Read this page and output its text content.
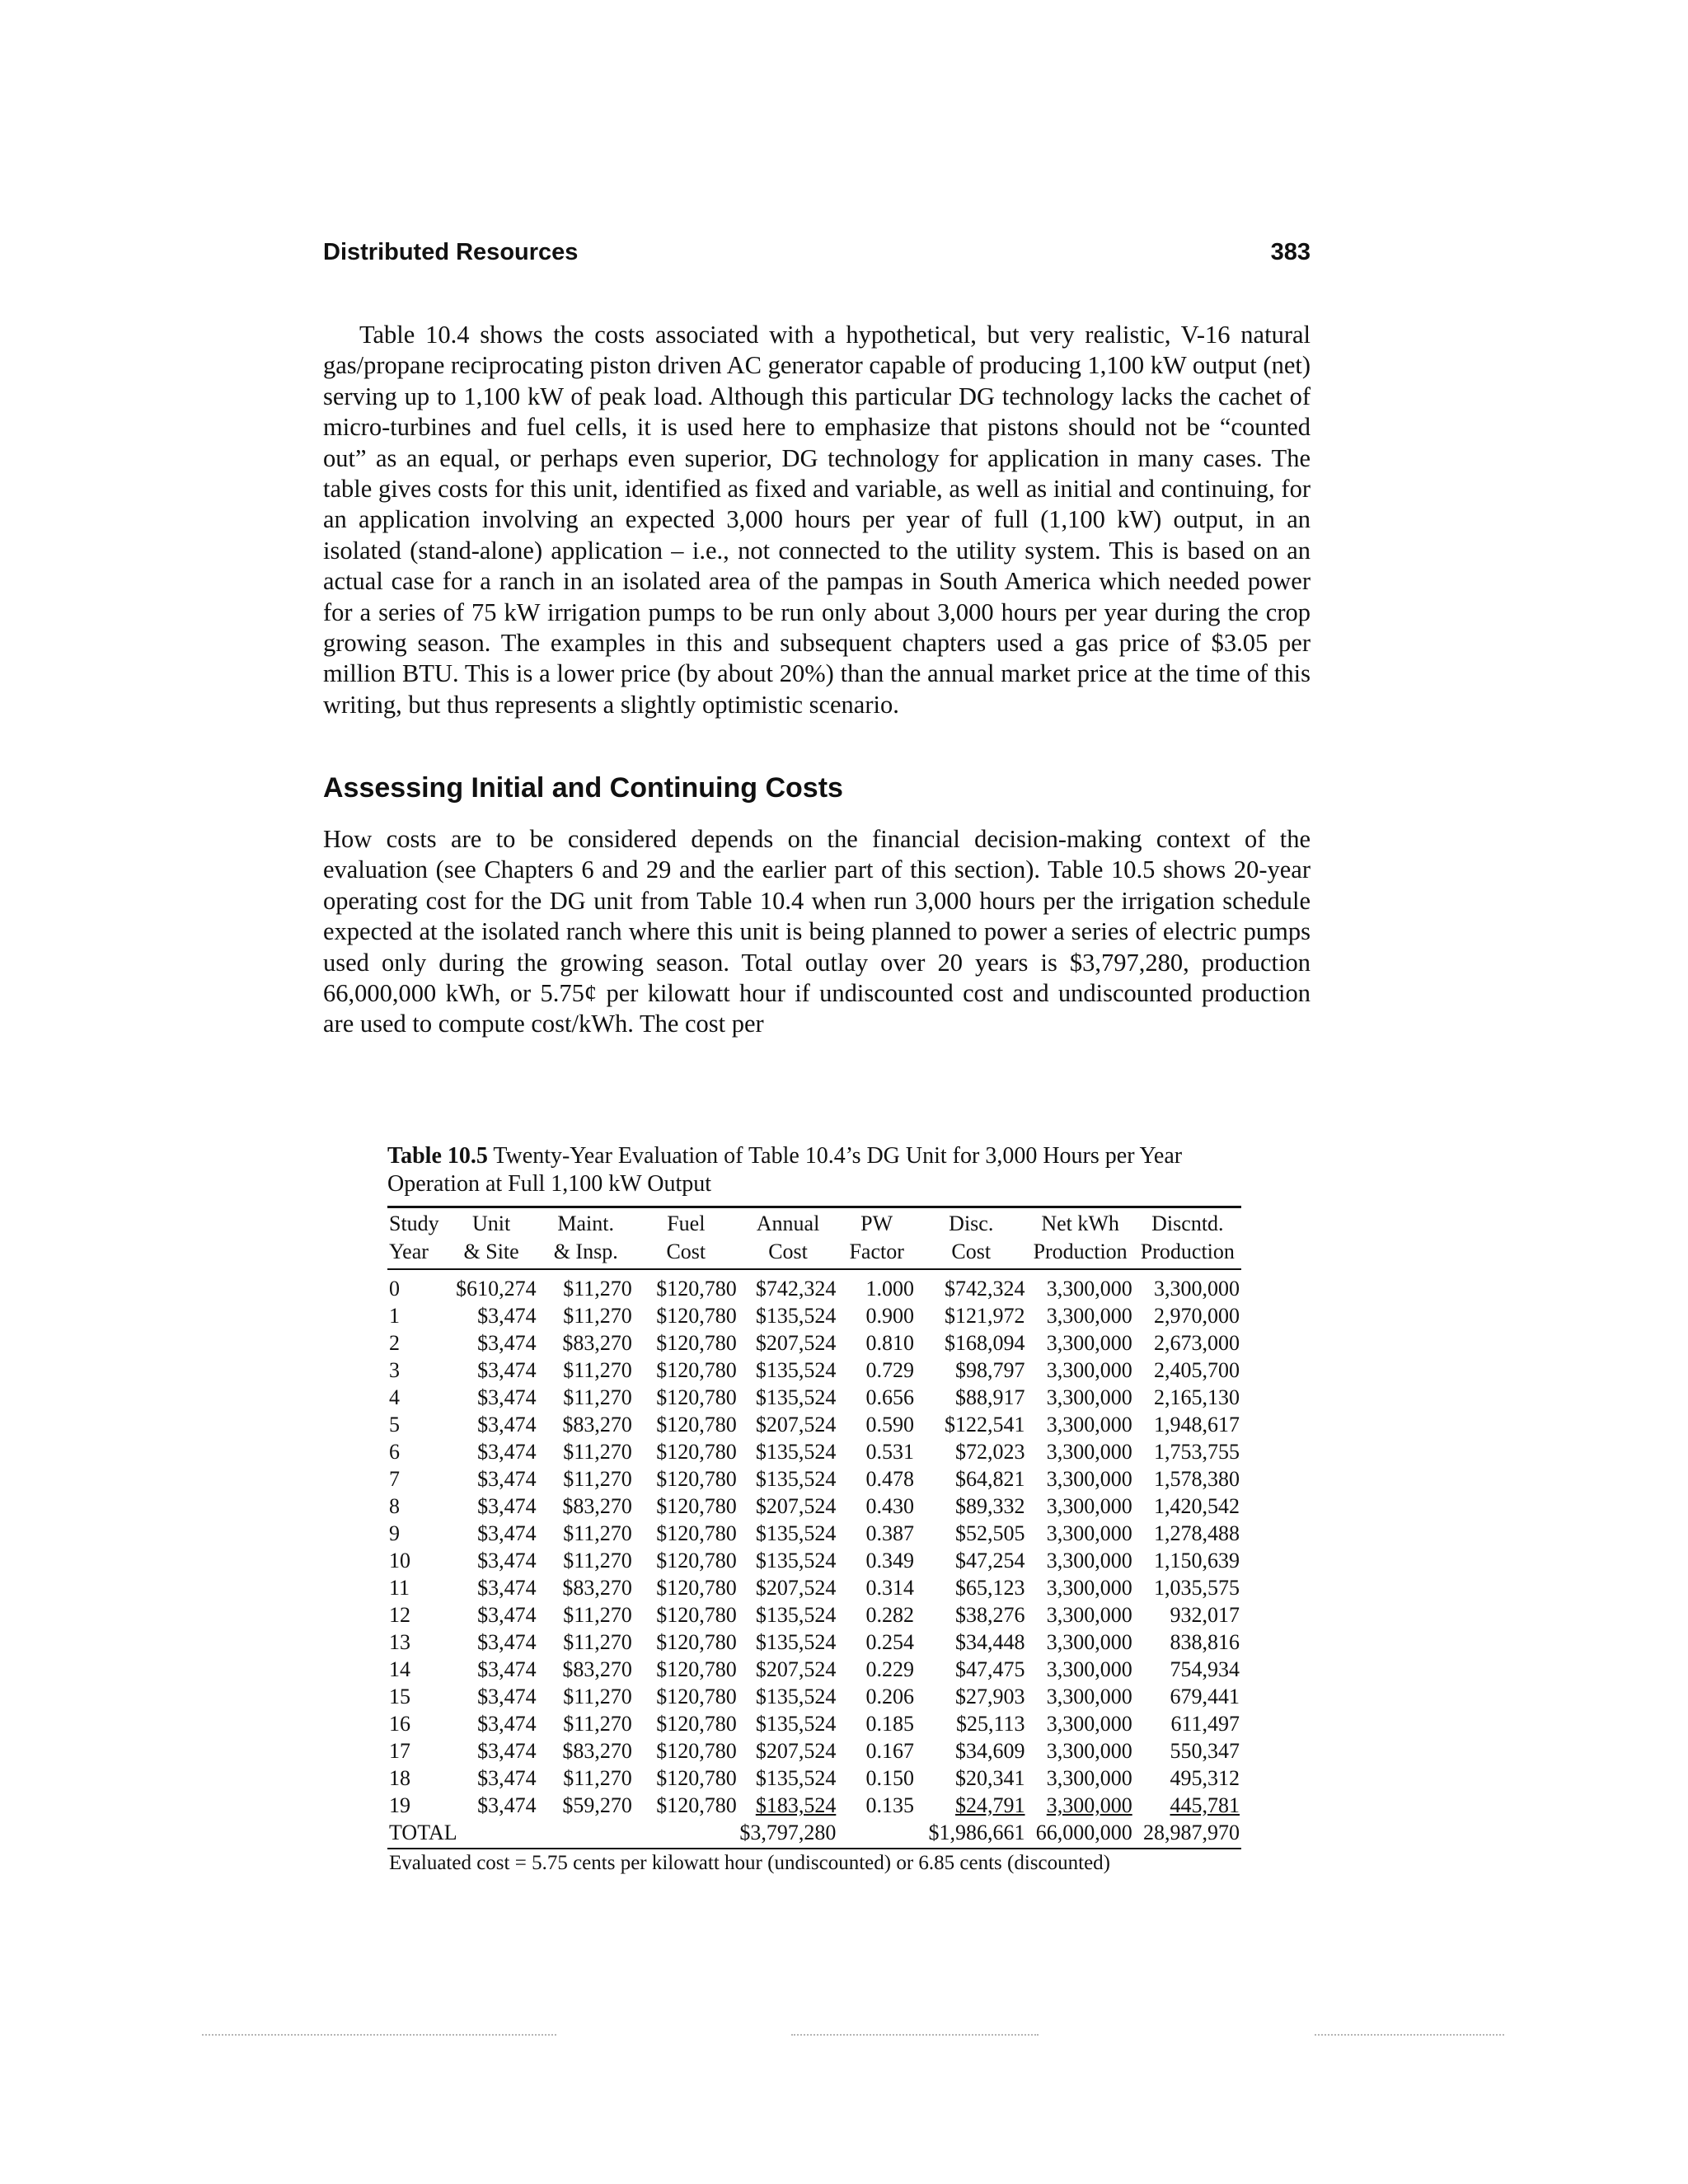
Distributed Resources	383

Table 10.4 shows the costs associated with a hypothetical, but very realistic, V-16 natural gas/propane reciprocating piston driven AC generator capable of producing 1,100 kW output (net) serving up to 1,100 kW of peak load. Although this particular DG technology lacks the cachet of micro-turbines and fuel cells, it is used here to emphasize that pistons should not be “counted out” as an equal, or perhaps even superior, DG technology for application in many cases. The table gives costs for this unit, identified as fixed and variable, as well as initial and continuing, for an application involving an expected 3,000 hours per year of full (1,100 kW) output, in an isolated (stand-alone) application – i.e., not connected to the utility system. This is based on an actual case for a ranch in an isolated area of the pampas in South America which needed power for a series of 75 kW irrigation pumps to be run only about 3,000 hours per year during the crop growing season. The examples in this and subsequent chapters used a gas price of $3.05 per million BTU. This is a lower price (by about 20%) than the annual market price at the time of this writing, but thus represents a slightly optimistic scenario.

Assessing Initial and Continuing Costs

How costs are to be considered depends on the financial decision-making context of the evaluation (see Chapters 6 and 29 and the earlier part of this section). Table 10.5 shows 20-year operating cost for the DG unit from Table 10.4 when run 3,000 hours per the irrigation schedule expected at the isolated ranch where this unit is being planned to power a series of electric pumps used only during the growing season. Total outlay over 20 years is $3,797,280, production 66,000,000 kWh, or 5.75¢ per kilowatt hour if undiscounted cost and undiscounted production are used to compute cost/kWh. The cost per

Table 10.5 Twenty-Year Evaluation of Table 10.4’s DG Unit for 3,000 Hours per Year Operation at Full 1,100 kW Output

Study	Unit	Maint.	Fuel	Annual	PW	Disc.	Net kWh	Discntd.
Year	& Site	& Insp.	Cost	Cost	Factor	Cost	Production	Production
0	$610,274	$11,270	$120,780	$742,324	1.000	$742,324	3,300,000	3,300,000
1	$3,474	$11,270	$120,780	$135,524	0.900	$121,972	3,300,000	2,970,000
2	$3,474	$83,270	$120,780	$207,524	0.810	$168,094	3,300,000	2,673,000
3	$3,474	$11,270	$120,780	$135,524	0.729	$98,797	3,300,000	2,405,700
4	$3,474	$11,270	$120,780	$135,524	0.656	$88,917	3,300,000	2,165,130
5	$3,474	$83,270	$120,780	$207,524	0.590	$122,541	3,300,000	1,948,617
6	$3,474	$11,270	$120,780	$135,524	0.531	$72,023	3,300,000	1,753,755
7	$3,474	$11,270	$120,780	$135,524	0.478	$64,821	3,300,000	1,578,380
8	$3,474	$83,270	$120,780	$207,524	0.430	$89,332	3,300,000	1,420,542
9	$3,474	$11,270	$120,780	$135,524	0.387	$52,505	3,300,000	1,278,488
10	$3,474	$11,270	$120,780	$135,524	0.349	$47,254	3,300,000	1,150,639
11	$3,474	$83,270	$120,780	$207,524	0.314	$65,123	3,300,000	1,035,575
12	$3,474	$11,270	$120,780	$135,524	0.282	$38,276	3,300,000	932,017
13	$3,474	$11,270	$120,780	$135,524	0.254	$34,448	3,300,000	838,816
14	$3,474	$83,270	$120,780	$207,524	0.229	$47,475	3,300,000	754,934
15	$3,474	$11,270	$120,780	$135,524	0.206	$27,903	3,300,000	679,441
16	$3,474	$11,270	$120,780	$135,524	0.185	$25,113	3,300,000	611,497
17	$3,474	$83,270	$120,780	$207,524	0.167	$34,609	3,300,000	550,347
18	$3,474	$11,270	$120,780	$135,524	0.150	$20,341	3,300,000	495,312
19	$3,474	$59,270	$120,780	$183,524	0.135	$24,791	3,300,000	445,781
TOTAL			$3,797,280			$1,986,661	66,000,000	28,987,970
Evaluated cost = 5.75 cents per kilowatt hour (undiscounted) or 6.85 cents (discounted)								
